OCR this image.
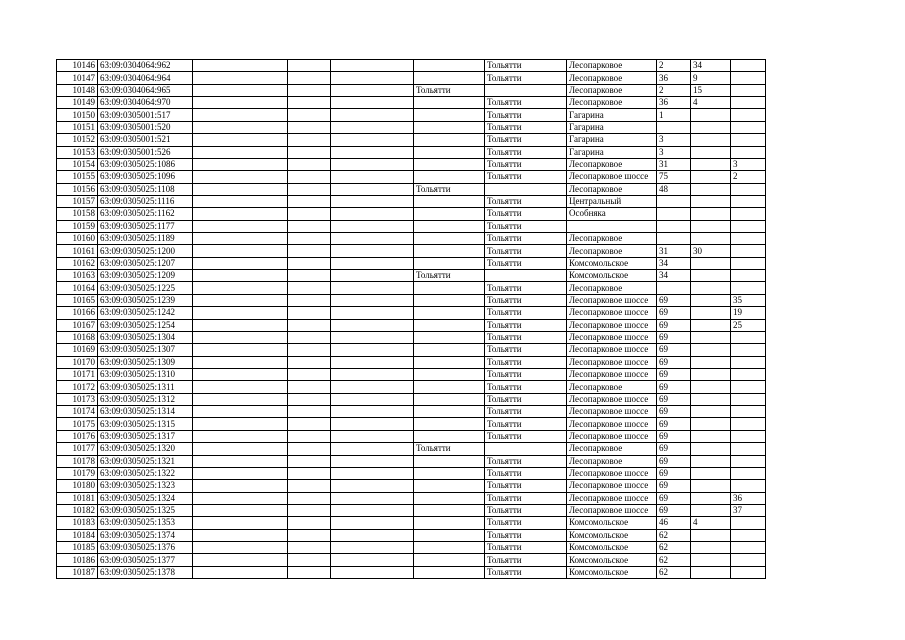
10146	63:09:0304064:962					Тольятти	Лесопарковое	2	34	
10147	63:09:0304064:964					Тольятти	Лесопарковое	36	9	
10148	63:09:0304064:965				Тольятти		Лесопарковое	2	15	
10149	63:09:0304064:970					Тольятти	Лесопарковое	36	4	
10150	63:09:0305001:517					Тольятти	Гагарина	1		
10151	63:09:0305001:520					Тольятти	Гагарина			
10152	63:09:0305001:521					Тольятти	Гагарина	3		
10153	63:09:0305001:526					Тольятти	Гагарина	3		
10154	63:09:0305025:1086					Тольятти	Лесопарковое	31		3
10155	63:09:0305025:1096					Тольятти	Лесопарковое шоссе	75		2
10156	63:09:0305025:1108				Тольятти		Лесопарковое	48		
10157	63:09:0305025:1116					Тольятти	Центральный			
10158	63:09:0305025:1162					Тольятти	Особняка			
10159	63:09:0305025:1177					Тольятти				
10160	63:09:0305025:1189					Тольятти	Лесопарковое			
10161	63:09:0305025:1200					Тольятти	Лесопарковое	31	30	
10162	63:09:0305025:1207					Тольятти	Комсомольское	34		
10163	63:09:0305025:1209				Тольятти		Комсомольское	34		
10164	63:09:0305025:1225					Тольятти	Лесопарковое			
10165	63:09:0305025:1239					Тольятти	Лесопарковое шоссе	69		35
10166	63:09:0305025:1242					Тольятти	Лесопарковое шоссе	69		19
10167	63:09:0305025:1254					Тольятти	Лесопарковое шоссе	69		25
10168	63:09:0305025:1304					Тольятти	Лесопарковое шоссе	69		
10169	63:09:0305025:1307					Тольятти	Лесопарковое шоссе	69		
10170	63:09:0305025:1309					Тольятти	Лесопарковое шоссе	69		
10171	63:09:0305025:1310					Тольятти	Лесопарковое шоссе	69		
10172	63:09:0305025:1311					Тольятти	Лесопарковое	69		
10173	63:09:0305025:1312					Тольятти	Лесопарковое шоссе	69		
10174	63:09:0305025:1314					Тольятти	Лесопарковое шоссе	69		
10175	63:09:0305025:1315					Тольятти	Лесопарковое шоссе	69		
10176	63:09:0305025:1317					Тольятти	Лесопарковое шоссе	69		
10177	63:09:0305025:1320				Тольятти		Лесопарковое	69		
10178	63:09:0305025:1321					Тольятти	Лесопарковое	69		
10179	63:09:0305025:1322					Тольятти	Лесопарковое шоссе	69		
10180	63:09:0305025:1323					Тольятти	Лесопарковое шоссе	69		
10181	63:09:0305025:1324					Тольятти	Лесопарковое шоссе	69		36
10182	63:09:0305025:1325					Тольятти	Лесопарковое шоссе	69		37
10183	63:09:0305025:1353					Тольятти	Комсомольское	46	4	
10184	63:09:0305025:1374					Тольятти	Комсомольское	62		
10185	63:09:0305025:1376					Тольятти	Комсомольское	62		
10186	63:09:0305025:1377					Тольятти	Комсомольское	62		
10187	63:09:0305025:1378					Тольятти	Комсомольское	62		
